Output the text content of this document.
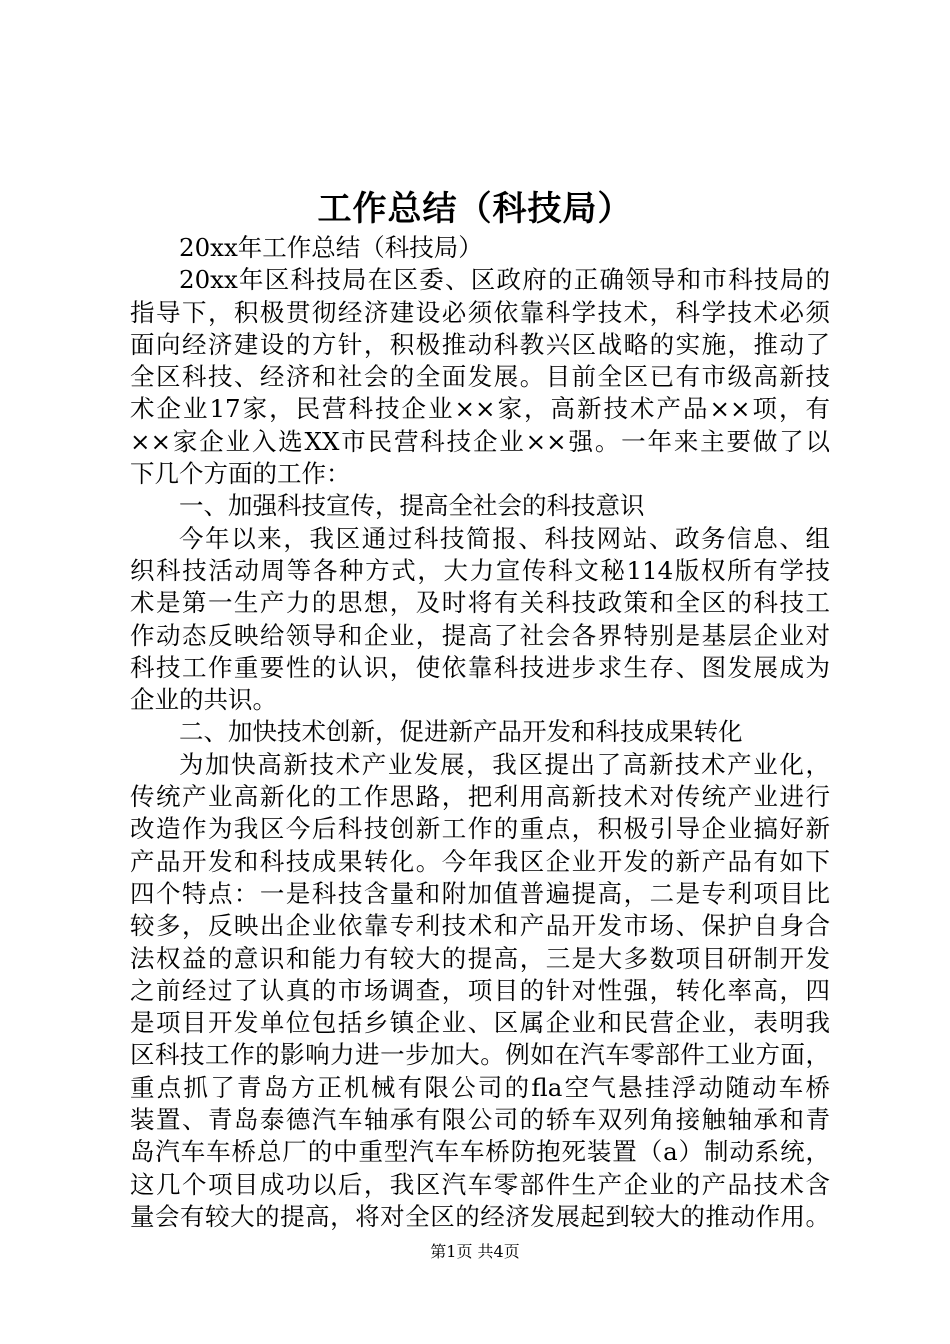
工作总结（科技局）
20xx年工作总结（科技局）
20xx年区科技局在区委、区政府的正确领导和市科技局的
指导下，积极贯彻经济建设必须依靠科学技术，科学技术必须
面向经济建设的方针，积极推动科教兴区战略的实施，推动了
全区科技、经济和社会的全面发展。目前全区已有市级高新技
术企业17家，民营科技企业××家，高新技术产品××项，有
××家企业入选XX市民营科技企业××强。一年来主要做了以
下几个方面的工作：
一、加强科技宣传，提高全社会的科技意识
今年以来，我区通过科技简报、科技网站、政务信息、组
织科技活动周等各种方式，大力宣传科文秘114版权所有学技
术是第一生产力的思想，及时将有关科技政策和全区的科技工
作动态反映给领导和企业，提高了社会各界特别是基层企业对
科技工作重要性的认识，使依靠科技进步求生存、图发展成为
企业的共识。
二、加快技术创新，促进新产品开发和科技成果转化
为加快高新技术产业发展，我区提出了高新技术产业化，
传统产业高新化的工作思路，把利用高新技术对传统产业进行
改造作为我区今后科技创新工作的重点，积极引导企业搞好新
产品开发和科技成果转化。今年我区企业开发的新产品有如下
四个特点：一是科技含量和附加值普遍提高，二是专利项目比
较多，反映出企业依靠专利技术和产品开发市场、保护自身合
法权益的意识和能力有较大的提高，三是大多数项目研制开发
之前经过了认真的市场调查，项目的针对性强，转化率高，四
是项目开发单位包括乡镇企业、区属企业和民营企业，表明我
区科技工作的影响力进一步加大。例如在汽车零部件工业方面，
重点抓了青岛方正机械有限公司的fla空气悬挂浮动随动车桥
装置、青岛泰德汽车轴承有限公司的轿车双列角接触轴承和青
岛汽车车桥总厂的中重型汽车车桥防抱死装置（a）制动系统，
这几个项目成功以后，我区汽车零部件生产企业的产品技术含
量会有较大的提高，将对全区的经济发展起到较大的推动作用。
第1页 共4页
